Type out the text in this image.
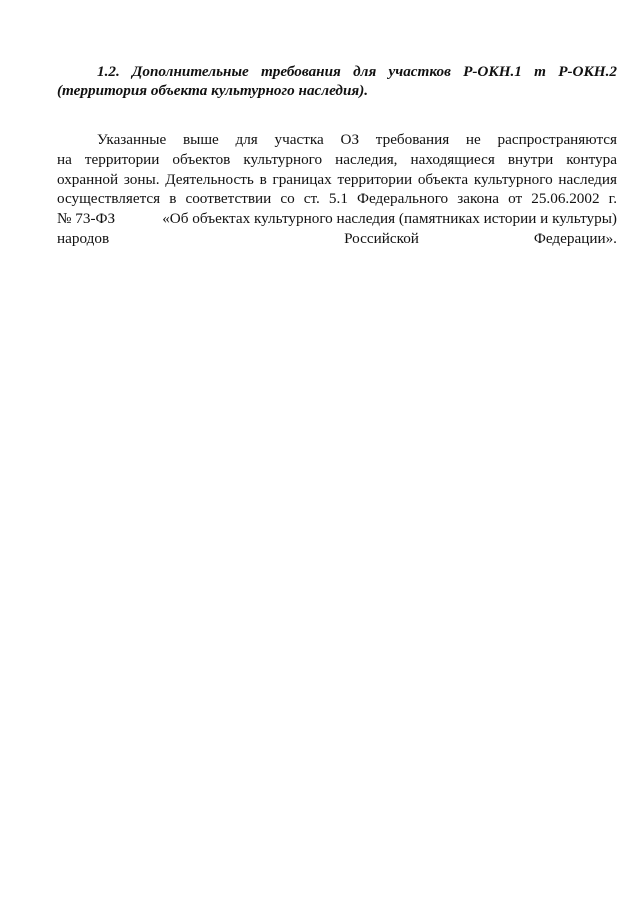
1.2. Дополнительные требования для участков Р-ОКН.1 т Р-ОКН.2
(территория объекта культурного наследия).
Указанные выше для участка ОЗ требования не распространяются
на территории объектов культурного наследия, находящиеся внутри контура
охранной зоны. Деятельность в границах территории объекта культурного наследия
осуществляется в соответствии со ст. 5.1 Федерального закона от 25.06.2002 г.
№ 73-ФЗ	«Об объектах культурного наследия (памятниках истории и культуры)
народов	Российской	Федерации».
